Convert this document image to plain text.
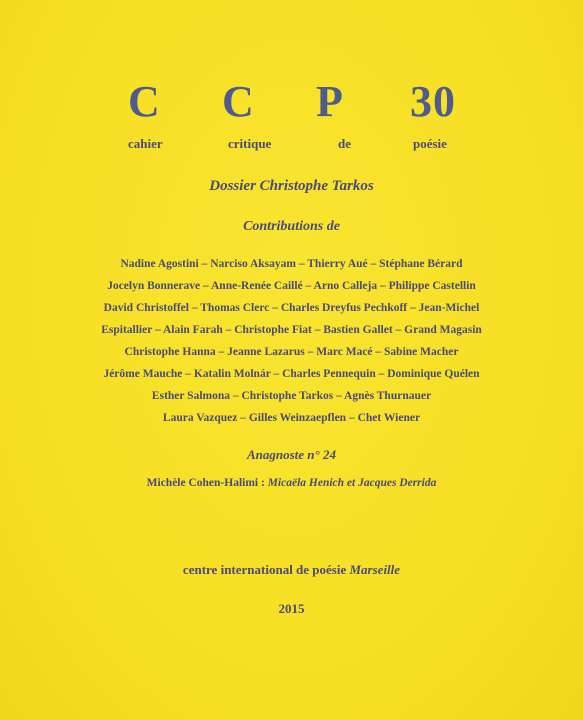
C C P 30
cahier	critique	de	poésie
Dossier Christophe Tarkos
Contributions de
Nadine Agostini – Narciso Aksayam – Thierry Aué – Stéphane Bérard
Jocelyn Bonnerave – Anne-Renée Caillé – Arno Calleja – Philippe Castellin
David Christoffel – Thomas Clerc – Charles Dreyfus Pechkoff – Jean-Michel
Espitallier – Alain Farah – Christophe Fiat – Bastien Gallet – Grand Magasin
Christophe Hanna – Jeanne Lazarus – Marc Macé – Sabine Macher
Jérôme Mauche – Katalin Molnár – Charles Pennequin – Dominique Quélen
Esther Salmona – Christophe Tarkos – Agnès Thurnauer
Laura Vazquez – Gilles Weinzaepflen – Chet Wiener
Anagnoste n° 24
Michèle Cohen-Halimi : Micaëla Henich et Jacques Derrida
centre international de poésie Marseille
2015
